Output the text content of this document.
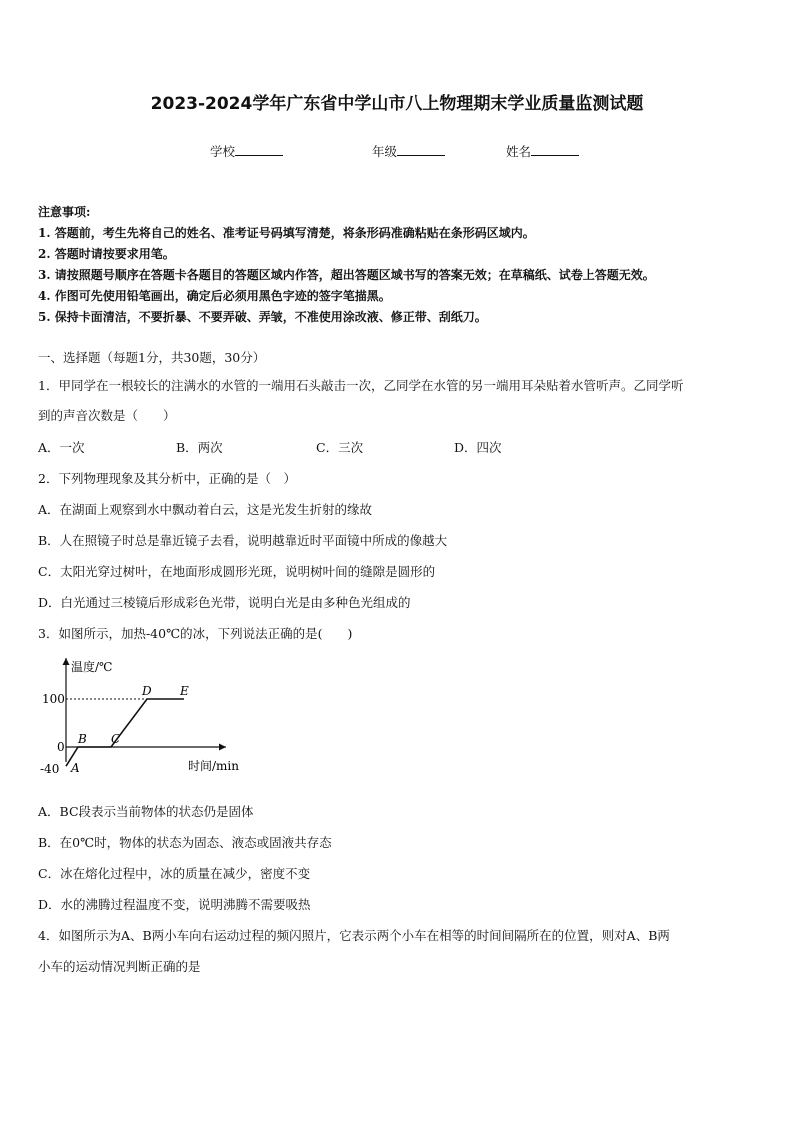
2023-2024学年广东省中学山市八上物理期末学业质量监测试题
学校	年级	姓名
注意事项:
1. 答题前，考生先将自己的姓名、准考证号码填写清楚，将条形码准确粘贴在条形码区域内。
2. 答题时请按要求用笔。
3. 请按照题号顺序在答题卡各题目的答题区域内作答，超出答题区域书写的答案无效；在草稿纸、试卷上答题无效。
4. 作图可先使用铅笔画出，确定后必须用黑色字迹的签字笔描黑。
5. 保持卡面清洁，不要折暴、不要弄破、弄皱，不准使用涂改液、修正带、刮纸刀。
一、选择题（每题1分，共30题，30分）
1．甲同学在一根较长的注满水的水管的一端用石头敲击一次，乙同学在水管的另一端用耳朵贴着水管听声。乙同学听
到的声音次数是（　　）
A．一次	B．两次	C．三次	D．四次
2．下列物理现象及其分析中，正确的是（　）
A．在湖面上观察到水中飘动着白云，这是光发生折射的缘故
B．人在照镜子时总是靠近镜子去看，说明越靠近时平面镜中所成的像越大
C．太阳光穿过树叶，在地面形成圆形光斑，说明树叶间的缝隙是圆形的
D．白光通过三棱镜后形成彩色光带，说明白光是由多种色光组成的
3．如图所示，加热-40℃的冰，下列说法正确的是(　　)
温度/℃
时间/min
100
0
-40 A
B C
D E
A．BC段表示当前物体的状态仍是固体
B．在0℃时，物体的状态为固态、液态或固液共存态
C．冰在熔化过程中，冰的质量在减少，密度不变
D．水的沸腾过程温度不变，说明沸腾不需要吸热
4．如图所示为A、B两小车向右运动过程的频闪照片，它表示两个小车在相等的时间间隔所在的位置，则对A、B两
小车的运动情况判断正确的是
